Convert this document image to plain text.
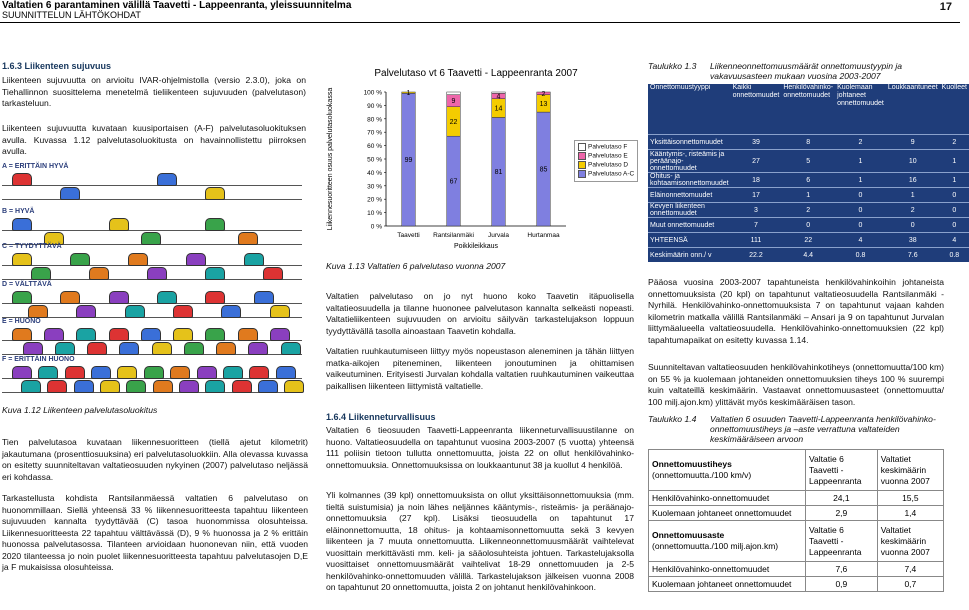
Valtatien 6 parantaminen välillä Taavetti - Lappeenranta, yleissuunnitelma
SUUNNITTELUN LÄHTÖKOHDAT
17
1.6.3 Liikenteen sujuvuus
Liikenteen sujuvuutta on arvioitu IVAR-ohjelmistolla (versio 2.3.0), joka on Tiehallinnon suosittelema menetelmä tieliikenteen sujuvuuden (palvelutason) tarkasteluun.
Liikenteen sujuvuutta kuvataan kuusiportaisen (A-F) palvelutasoluokituksen avulla. Kuvassa 1.12 palvelutasoluokitusta on havainnollistettu piirroksen avulla.
A = ERITTÄIN HYVÄ
B = HYVÄ
C = TYYDYTTÄVÄ
D = VÄLTTÄVÄ
E = HUONO
F = ERITTÄIN HUONO
Kuva 1.12 Liikenteen palvelutasoluokitus
Tien palvelutasoa kuvataan liikennesuoritteen (tiellä ajetut kilometrit) jakautumana (prosenttiosuuksina) eri palvelutasoluokkiin. Alla olevassa kuvassa on esitetty suunniteltavan valtatieosuuden nykyinen (2007) palvelutaso neljässä eri kohdassa.
Tarkastellusta kohdista Rantsilanmäessä valtatien 6 palvelutaso on huonommillaan. Siellä yhteensä 33 % liikennesuoritteesta tapahtuu liikenteen sujuvuuden kannalta tyydyttävää (C) tasoa huonommissa olosuhteissa. Liikennesuoritteesta 22 tapahtuu välttävässä (D), 9 % huonossa ja 2 % erittäin huonossa palvelutasossa. Tilanteen arvioidaan huononevan niin, että vuoden 2020 tilanteessa jo noin puolet liikennesuoritteesta tapahtuu palvelutasojen D,E ja F mukaisissa olosuhteissa.
Palvelutaso vt 6 Taavetti - Lappeenranta 2007
Liikennesuoritteen osuus palvelutasoluokassa	0 %
10 %
20 %
30 %
40 %
50 %
60 %
70 %
80 %
90 %
100 %
99
1
Taavetti
67
22
9
Rantsilanmäki
81
14
4
Jurvala
85
13
2
Hurtanmaa
Poikkileikkaus
Palvelutaso F
Palvelutaso E
Palvelutaso D
Palvelutaso A-C
Kuva 1.13 Valtatien 6 palvelutaso vuonna 2007
Valtatien palvelutaso on jo nyt huono koko Taavetin itäpuolisella valtatieosuudella ja tilanne huononee palvelutason kannalta selkeästi nopeasti. Valtatieliikenteen sujuvuuden on arvioitu säilyvän tarkastelujakson loppuun tyydyttävällä tasolla ainoastaan Taavetin kohdalla.
Valtatien ruuhkautumiseen liittyy myös nopeustason aleneminen ja tähän liittyen matka-aikojen piteneminen, liikenteen jonoutuminen ja ohittamisen vaikeutuminen. Erityisesti Jurvalan kohdalla valtatien ruuhkautuminen vaikeuttaa paikallisen liikenteen liittymistä valtatielle.
1.6.4 Liikenneturvallisuus
Valtatien 6 tieosuuden Taavetti-Lappeenranta liikenneturvallisuustilanne on huono. Valtatieosuudella on tapahtunut vuosina 2003-2007 (5 vuotta) yhteensä 111 poliisin tietoon tullutta onnettomuutta, joista 22 on ollut henkilövahinko-onnettomuuksia. Onnettomuuksissa on loukkaantunut 38 ja kuollut 4 henkilöä.
Yli kolmannes (39 kpl) onnettomuuksista on ollut yksittäisonnettomuuksia (mm. tieltä suistumisia) ja noin lähes neljännes kääntymis-, risteämis- ja peräänajo-onnettomuuksia (27 kpl). Lisäksi tieosuudella on tapahtunut 17 eläinonnettomuutta, 18 ohitus- ja kohtaamisonnettomuutta sekä 3 kevyen liikenteen ja 7 muuta onnettomuutta. Liikenneonnettomuusmäärät vaihtelevat vuosittain merkittävästi mm. keli- ja sääolosuhteista johtuen. Tarkastelujaksolla vuosittaiset onnettomuusmäärät vaihtelivat 18-29 onnettomuuden ja 2-5 henkilövahinko-onnettomuuden välillä. Tarkastelujakson jälkeisen vuonna 2008 on tapahtunut 20 onnettomuutta, joista 2 on johtanut henkilövahinkoon.
Taulukko 1.3 Liikenneonnettomuusmäärät onnettomuustyypin ja vakavuusasteen mukaan vuosina 2003-2007
Onnettomuustyyppi	Kaikki onnettomuudet	Henkilövahinko-onnettomuudet	Kuolemaan johtaneet onnettomuudet	Loukkaantuneet	Kuolleet
Yksittäisonnettomuudet	39	8	2	9	2
Kääntymis-, risteämis ja peräänajo-onnettomuudet	27	5	1	10	1
Ohitus- ja kohtaamisonnettomuudet	18	6	1	16	1
Eläinonnettomuudet	17	1	0	1	0
Kevyen liikenteen onnettomuudet	3	2	0	2	0
Muut onnettomuudet	7	0	0	0	0
YHTEENSÄ	111	22	4	38	4
Keskimäärin onn./ v	22.2	4.4	0.8	7.6	0.8
Pääosa vuosina 2003-2007 tapahtuneista henkilövahinkoihin johtaneista onnettomuuksista (20 kpl) on tapahtunut valtatieosuudella Rantsilanmäki - Nyrhilä. Henkilövahinko-onnettomuuksista 7 on tapahtunut vajaan kahden kilometrin matkalla välillä Rantsilanmäki – Ansari ja 9 on tapahtunut Jurvalan liittymäalueella valtatieosuudella. Henkilövahinko-onnettomuuksien (22 kpl) tapahtumapaikat on esitetty kuvassa 1.14.
Suunniteltavan valtatieosuuden henkilövahinkotiheys (onnettomuutta/100 km) on 55 % ja kuolemaan johtaneiden onnettomuuksien tiheys 100 % suurempi kuin valtateillä keskimäärin. Vastaavat onnettomuusasteet (onnettomuutta/ 100 milj.ajon.km) ylittävät myös keskimääräisen tason.
Taulukko 1.4 Valtatien 6 osuuden Taavetti-Lappeenranta henkilövahinko-onnettomuustiheys ja –aste verrattuna valtateiden keskimääräiseen arvoon
Onnettomuustiheys
(onnettomuutta./100 km/v)	Valtatie 6 Taavetti - Lappeenranta	Valtatiet keskimäärin vuonna 2007
Henkilövahinko-onnettomuudet	24,1	15,5
Kuolemaan johtaneet onnettomuudet	2,9	1,4
Onnettomuusaste
(onnettomuutta./100 milj.ajon.km)	Valtatie 6 Taavetti - Lappeenranta	Valtatiet keskimäärin vuonna 2007
Henkilövahinko-onnettomuudet	7,6	7,4
Kuolemaan johtaneet onnettomuudet	0,9	0,7
